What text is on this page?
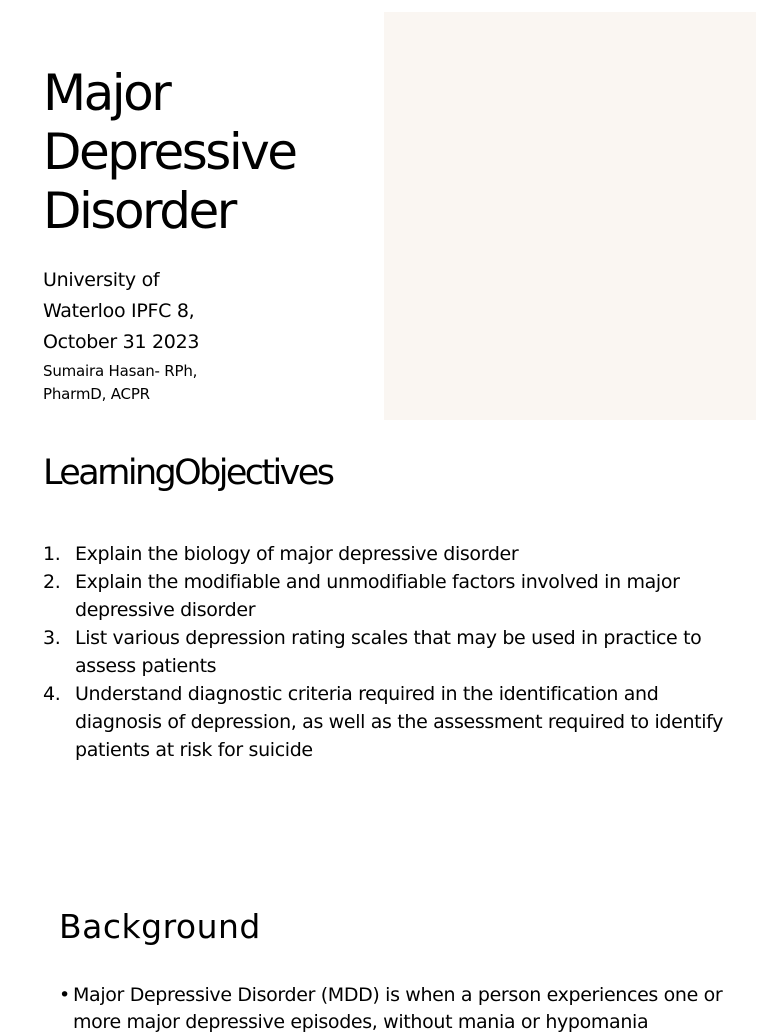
Major Depressive Disorder

University of Waterloo IPFC 8, October 31 2023

Sumaira Hasan- RPh, PharmD, ACPR

LearningObjectives
1. Explain the biology of major depressive disorder
2. Explain the modifiable and unmodifiable factors involved in major depressive disorder
3. List various depression rating scales that may be used in practice to assess patients
4. Understand diagnostic criteria required in the identification and diagnosis of depression, as well as the assessment required to identify patients at risk for suicide
Background
• Major Depressive Disorder (MDD) is when a person experiences one or more major depressive episodes, without mania or hypomania
